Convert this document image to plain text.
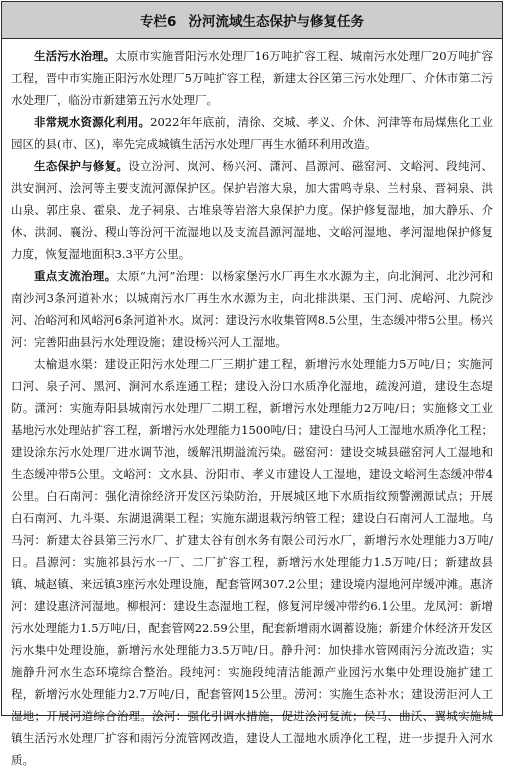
专栏6 汾河流域生态保护与修复任务

生活污水治理。太原市实施晋阳污水处理厂16万吨扩容工程、城南污水处理厂20万吨扩容工程，晋中市实施正阳污水处理厂5万吨扩容工程，新建太谷区第三污水处理厂、介休市第二污水处理厂，临汾市新建第五污水处理厂。

非常规水资源化利用。2022年年底前，清徐、交城、孝义、介休、河津等布局煤焦化工业园区的县(市、区)，率先完成城镇生活污水处理厂再生水循环利用改造。

生态保护与修复。设立汾河、岚河、杨兴河、潇河、昌源河、磁窑河、文峪河、段纯河、洪安涧河、浍河等主要支流河源保护区。保护岩溶大泉，加大雷鸣寺泉、兰村泉、晋祠泉、洪山泉、郭庄泉、霍泉、龙子祠泉、古堆泉等岩溶大泉保护力度。保护修复湿地，加大静乐、介休、洪洞、襄汾、稷山等汾河干流湿地以及支流昌源河湿地、文峪河湿地、孝河湿地保护修复力度，恢复湿地面积3.3平方公里。

重点支流治理。太原“九河”治理：以杨家堡污水厂再生水水源为主，向北涧河、北沙河和南沙河3条河道补水；以城南污水厂再生水水源为主，向北排洪渠、玉门河、虎峪河、九院沙河、冶峪河和风峪河6条河道补水。岚河：建设污水收集管网8.5公里，生态缓冲带5公里。杨兴河：完善阳曲县污水处理设施；建设杨兴河人工湿地。

太榆退水渠：建设正阳污水处理二厂三期扩建工程，新增污水处理能力5万吨/日；实施河口河、泉子河、黑河、涧河水系连通工程；建设入汾口水质净化湿地，疏浚河道，建设生态堤防。潇河：实施寿阳县城南污水处理厂二期工程，新增污水处理能力2万吨/日；实施修文工业基地污水处理站扩容工程，新增污水处理能力1500吨/日；建设白马河人工湿地水质净化工程；建设涂东污水处理厂进水调节池，缓解汛期溢流污染。磁窑河：建设交城县磁窑河人工湿地和生态缓冲带5公里。文峪河：文水县、汾阳市、孝义市建设人工湿地，建设文峪河生态缓冲带4公里。白石南河：强化清徐经济开发区污染防治，开展城区地下水质指纹预警溯源试点；开展白石南河、九斗渠、东湖退满渠工程；实施东湖退栽污纳管工程；建设白石南河人工湿地。乌马河：新建太谷县第三污水厂、扩建太谷有创水务有限公司污水厂，新增污水处理能力3万吨/日。昌源河：实施祁县污水一厂、二厂扩容工程，新增污水处理能力1.5万吨/日；新建故县镇、城赵镇、来远镇3座污水处理设施，配套管网307.2公里；建设境内湿地河岸缓冲滩。惠济河：建设惠济河湿地。柳根河：建设生态湿地工程，修复河岸缓冲带约6.1公里。龙凤河：新增污水处理能力1.5万吨/日，配套管网22.59公里，配套新增雨水调蓄设施；新建介休经济开发区污水集中处理设施，新增污水处理能力3.5万吨/日。静升河：加快排水管网雨污分流改造；实施静升河水生态环境综合整治。段纯河：实施段纯清洁能源产业园污水集中处理设施扩建工程，新增污水处理能力2.7万吨/日，配套管网15公里。涝河：实施生态补水；建设涝洰河人工湿地；开展河道综合治理。浍河：强化引调水措施，促进浍河复流；侯马、曲沃、翼城实施城镇生活污水处理厂扩容和雨污分流管网改造，建设人工湿地水质净化工程，进一步提升入河水质。
